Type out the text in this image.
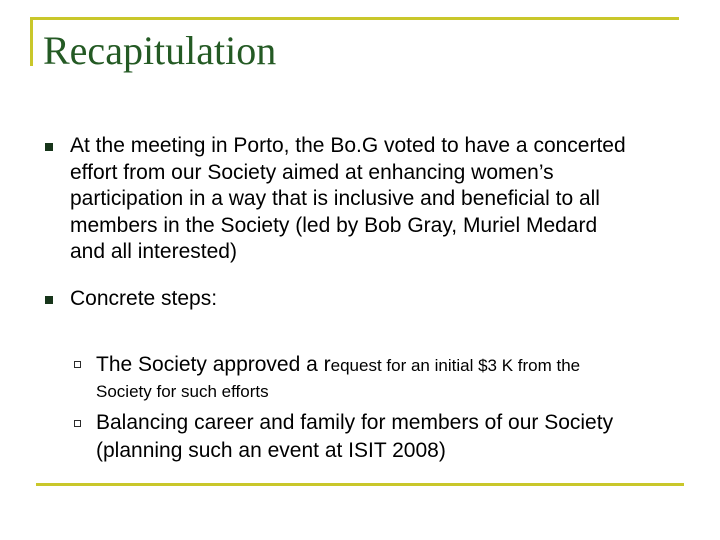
Recapitulation
At the meeting in Porto, the Bo.G voted to have a concerted effort from our Society aimed at enhancing women’s participation in a way that is inclusive and beneficial to all members in the Society (led by Bob Gray, Muriel Medard and all interested)
Concrete steps:
The Society approved a request for an initial $3 K from the
Society for such efforts
Balancing career and family for members of our Society (planning such an event at ISIT 2008)
